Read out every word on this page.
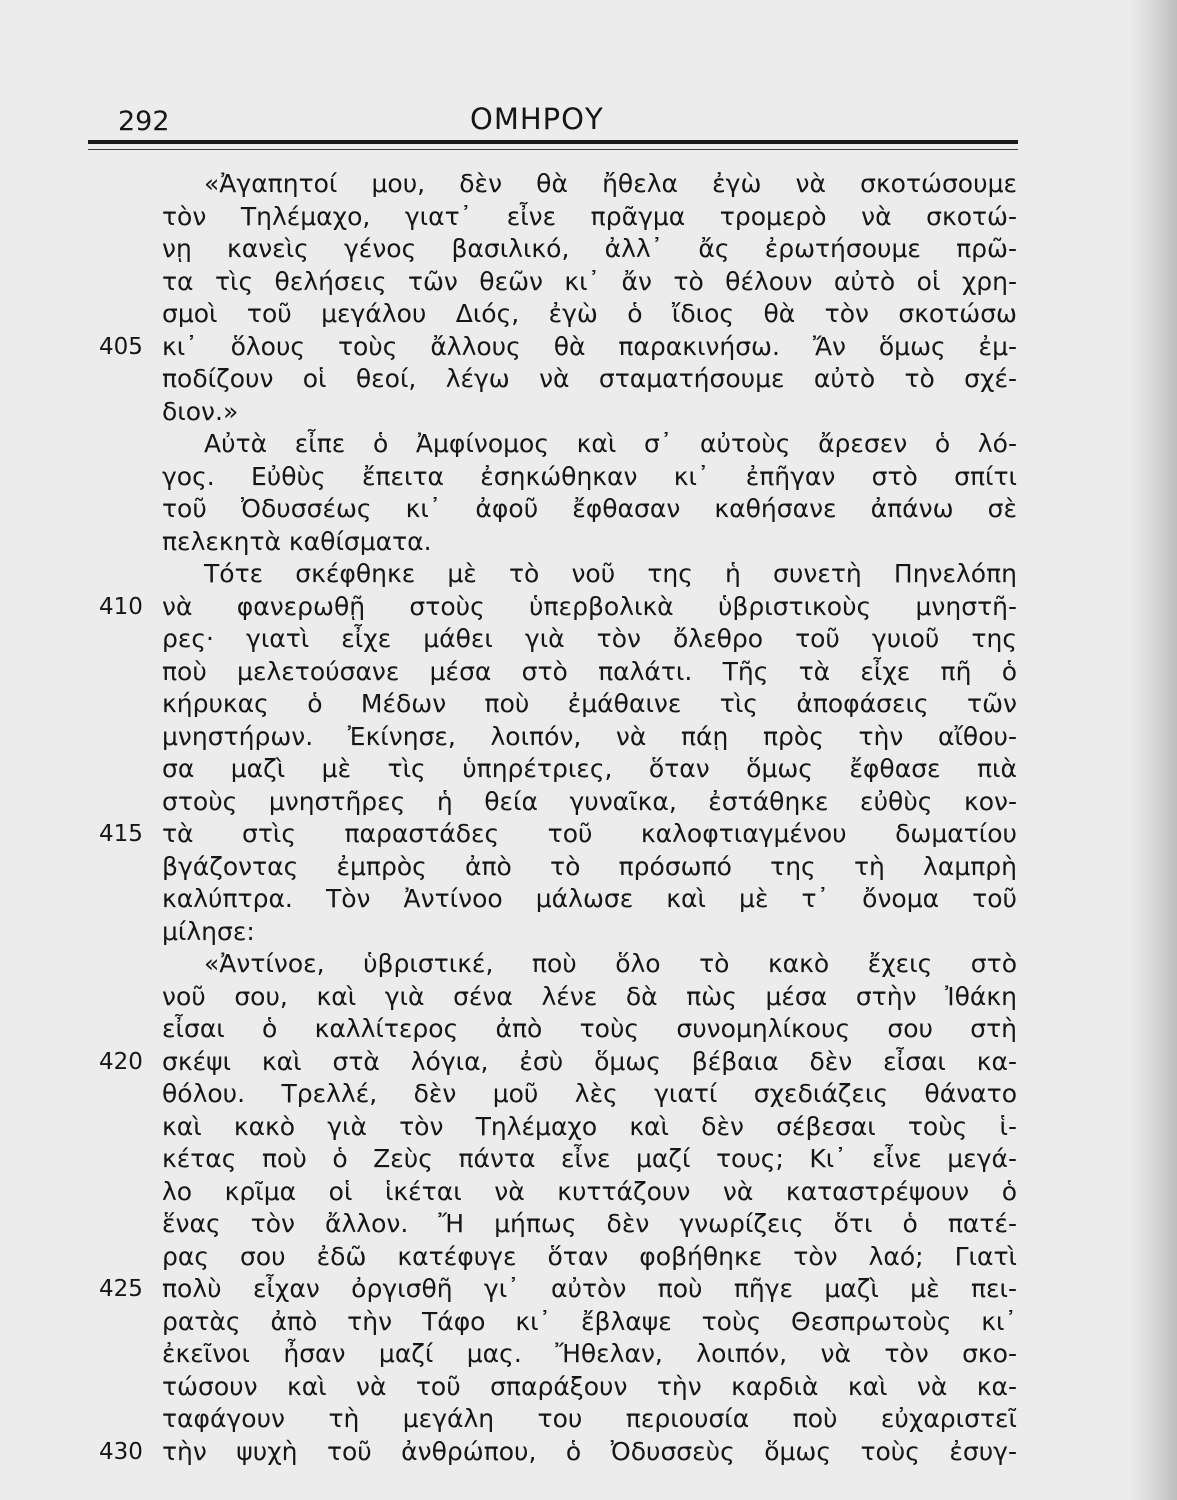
292	ΟΜΗΡΟΥ
«Ἀγαπητοί μου, δὲν θὰ ἤθελα ἐγὼ νὰ σκοτώσουμε
τὸν Τηλέμαχο, γιατ᾿ εἶνε πρᾶγμα τρομερὸ νὰ σκοτώ-
νῃ κανεὶς γένος βασιλικό, ἀλλ᾿ ἄς ἐρωτήσουμε πρῶ-
τα τὶς θελήσεις τῶν θεῶν κι᾿ ἄν τὸ θέλουν αὐτὸ οἱ χρη-
σμοὶ τοῦ μεγάλου Διός, ἐγὼ ὁ ἴδιος θὰ τὸν σκοτώσω
405 κι᾿ ὅλους τοὺς ἄλλους θὰ παρακινήσω. Ἄν ὅμως ἐμ-
ποδίζουν οἱ θεοί, λέγω νὰ σταματήσουμε αὐτὸ τὸ σχέ-
διον.»
Αὐτὰ εἶπε ὁ Ἀμφίνομος καὶ σ᾿ αὐτοὺς ἄρεσεν ὁ λό-
γος. Εὐθὺς ἔπειτα ἐσηκώθηκαν κι᾿ ἐπῆγαν στὸ σπίτι
τοῦ Ὀδυσσέως κι᾿ ἀφοῦ ἔφθασαν καθήσανε ἀπάνω σὲ
πελεκητὰ καθίσματα.
Τότε σκέφθηκε μὲ τὸ νοῦ της ἡ συνετὴ Πηνελόπη
410 νὰ φανερωθῇ στοὺς ὑπερβολικὰ ὑβριστικοὺς μνηστῆ-
ρες· γιατὶ εἶχε μάθει γιὰ τὸν ὄλεθρο τοῦ γυιοῦ της
ποὺ μελετούσανε μέσα στὸ παλάτι. Τῆς τὰ εἶχε πῆ ὁ
κήρυκας ὁ Μέδων ποὺ ἐμάθαινε τὶς ἀποφάσεις τῶν
μνηστήρων. Ἐκίνησε, λοιπόν, νὰ πάῃ πρὸς τὴν αἴθου-
σα μαζὶ μὲ τὶς ὑπηρέτριες, ὅταν ὅμως ἔφθασε πιὰ
στοὺς μνηστῆρες ἡ θεία γυναῖκα, ἐστάθηκε εὐθὺς κον-
415 τὰ στὶς παραστάδες τοῦ καλοφτιαγμένου δωματίου
βγάζοντας ἐμπρὸς ἀπὸ τὸ πρόσωπό της τὴ λαμπρὴ
καλύπτρα. Τὸν Ἀντίνοο μάλωσε καὶ μὲ τ᾿ ὄνομα τοῦ
μίλησε:
«Ἀντίνοε, ὑβριστικέ, ποὺ ὅλο τὸ κακὸ ἔχεις στὸ
νοῦ σου, καὶ γιὰ σένα λένε δὰ πὼς μέσα στὴν Ἰθάκη
εἶσαι ὁ καλλίτερος ἀπὸ τοὺς συνομηλίκους σου στὴ
420 σκέψι καὶ στὰ λόγια, ἐσὺ ὅμως βέβαια δὲν εἶσαι κα-
θόλου. Τρελλέ, δὲν μοῦ λὲς γιατί σχεδιάζεις θάνατο
καὶ κακὸ γιὰ τὸν Τηλέμαχο καὶ δὲν σέβεσαι τοὺς ἱ-
κέτας ποὺ ὁ Ζεὺς πάντα εἶνε μαζί τους; Κι᾿ εἶνε μεγά-
λο κρῖμα οἱ ἱκέται νὰ κυττάζουν νὰ καταστρέψουν ὁ
ἕνας τὸν ἄλλον. Ἤ μήπως δὲν γνωρίζεις ὅτι ὁ πατέ-
ρας σου ἐδῶ κατέφυγε ὅταν φοβήθηκε τὸν λαό; Γιατὶ
425 πολὺ εἶχαν ὀργισθῆ γι᾿ αὐτὸν ποὺ πῆγε μαζὶ μὲ πει-
ρατὰς ἀπὸ τὴν Τάφο κι᾿ ἔβλαψε τοὺς Θεσπρωτοὺς κι᾿
ἐκεῖνοι ἦσαν μαζί μας. Ἤθελαν, λοιπόν, νὰ τὸν σκο-
τώσουν καὶ νὰ τοῦ σπαράξουν τὴν καρδιὰ καὶ νὰ κα-
ταφάγουν τὴ μεγάλη του περιουσία ποὺ εὐχαριστεῖ
430 τὴν ψυχὴ τοῦ ἀνθρώπου, ὁ Ὀδυσσεὺς ὅμως τοὺς ἐσυγ-
